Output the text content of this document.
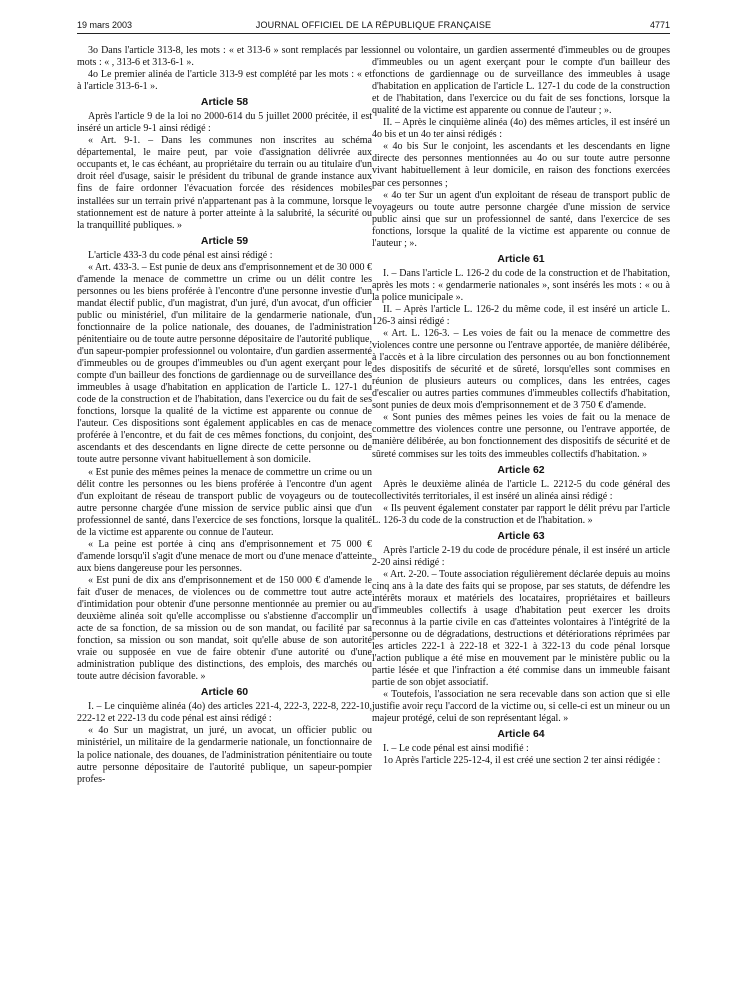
19 mars 2003	JOURNAL OFFICIEL DE LA RÉPUBLIQUE FRANÇAISE	4771

3o Dans l'article 313-8, les mots : « et 313-6 » sont remplacés par les mots : « , 313-6 et 313-6-1 ».

4o Le premier alinéa de l'article 313-9 est complété par les mots : « et à l'article 313-6-1 ».

Article 58

Après l'article 9 de la loi no 2000-614 du 5 juillet 2000 précitée, il est inséré un article 9-1 ainsi rédigé :

« Art. 9-1. – Dans les communes non inscrites au schéma départemental, le maire peut, par voie d'assignation délivrée aux occupants et, le cas échéant, au propriétaire du terrain ou au titulaire d'un droit réel d'usage, saisir le président du tribunal de grande instance aux fins de faire ordonner l'évacuation forcée des résidences mobiles installées sur un terrain privé n'appartenant pas à la commune, lorsque le stationnement est de nature à porter atteinte à la salubrité, la sécurité ou la tranquillité publiques. »

Article 59

L'article 433-3 du code pénal est ainsi rédigé :

« Art. 433-3. – Est punie de deux ans d'emprisonnement et de 30 000 € d'amende la menace de commettre un crime ou un délit contre les personnes ou les biens proférée à l'encontre d'une personne investie d'un mandat électif public, d'un magistrat, d'un juré, d'un avocat, d'un officier public ou ministériel, d'un militaire de la gendarmerie nationale, d'un fonctionnaire de la police nationale, des douanes, de l'administration pénitentiaire ou de toute autre personne dépositaire de l'autorité publique, d'un sapeur-pompier professionnel ou volontaire, d'un gardien assermenté d'immeubles ou de groupes d'immeubles ou d'un agent exerçant pour le compte d'un bailleur des fonctions de gardiennage ou de surveillance des immeubles à usage d'habitation en application de l'article L. 127-1 du code de la construction et de l'habitation, dans l'exercice ou du fait de ses fonctions, lorsque la qualité de la victime est apparente ou connue de l'auteur. Ces dispositions sont également applicables en cas de menace proférée à l'encontre, et du fait de ces mêmes fonctions, du conjoint, des ascendants et des descendants en ligne directe de cette personne ou de toute autre personne vivant habituellement à son domicile.

« Est punie des mêmes peines la menace de commettre un crime ou un délit contre les personnes ou les biens proférée à l'encontre d'un agent d'un exploitant de réseau de transport public de voyageurs ou de toute autre personne chargée d'une mission de service public ainsi que d'un professionnel de santé, dans l'exercice de ses fonctions, lorsque la qualité de la victime est apparente ou connue de l'auteur.

« La peine est portée à cinq ans d'emprisonnement et 75 000 € d'amende lorsqu'il s'agit d'une menace de mort ou d'une menace d'atteinte aux biens dangereuse pour les personnes.

« Est puni de dix ans d'emprisonnement et de 150 000 € d'amende le fait d'user de menaces, de violences ou de commettre tout autre acte d'intimidation pour obtenir d'une personne mentionnée au premier ou au deuxième alinéa soit qu'elle accomplisse ou s'abstienne d'accomplir un acte de sa fonction, de sa mission ou de son mandat, ou facilité par sa fonction, sa mission ou son mandat, soit qu'elle abuse de son autorité vraie ou supposée en vue de faire obtenir d'une autorité ou d'une administration publique des distinctions, des emplois, des marchés ou toute autre décision favorable. »

Article 60

I. – Le cinquième alinéa (4o) des articles 221-4, 222-3, 222-8, 222-10, 222-12 et 222-13 du code pénal est ainsi rédigé :

« 4o Sur un magistrat, un juré, un avocat, un officier public ou ministériel, un militaire de la gendarmerie nationale, un fonctionnaire de la police nationale, des douanes, de l'administration pénitentiaire ou toute autre personne dépositaire de l'autorité publique, un sapeur-pompier profes-

sionnel ou volontaire, un gardien assermenté d'immeubles ou de groupes d'immeubles ou un agent exerçant pour le compte d'un bailleur des fonctions de gardiennage ou de surveillance des immeubles à usage d'habitation en application de l'article L. 127-1 du code de la construction et de l'habitation, dans l'exercice ou du fait de ses fonctions, lorsque la qualité de la victime est apparente ou connue de l'auteur ; ».

II. – Après le cinquième alinéa (4o) des mêmes articles, il est inséré un 4o bis et un 4o ter ainsi rédigés :

« 4o bis Sur le conjoint, les ascendants et les descendants en ligne directe des personnes mentionnées au 4o ou sur toute autre personne vivant habituellement à leur domicile, en raison des fonctions exercées par ces personnes ;

« 4o ter Sur un agent d'un exploitant de réseau de transport public de voyageurs ou toute autre personne chargée d'une mission de service public ainsi que sur un professionnel de santé, dans l'exercice de ses fonctions, lorsque la qualité de la victime est apparente ou connue de l'auteur ; ».

Article 61

I. – Dans l'article L. 126-2 du code de la construction et de l'habitation, après les mots : « gendarmerie nationales », sont insérés les mots : « ou à la police municipale ».

II. – Après l'article L. 126-2 du même code, il est inséré un article L. 126-3 ainsi rédigé :

« Art. L. 126-3. – Les voies de fait ou la menace de commettre des violences contre une personne ou l'entrave apportée, de manière délibérée, à l'accès et à la libre circulation des personnes ou au bon fonctionnement des dispositifs de sécurité et de sûreté, lorsqu'elles sont commises en réunion de plusieurs auteurs ou complices, dans les entrées, cages d'escalier ou autres parties communes d'immeubles collectifs d'habitation, sont punies de deux mois d'emprisonnement et de 3 750 € d'amende.

« Sont punies des mêmes peines les voies de fait ou la menace de commettre des violences contre une personne, ou l'entrave apportée, de manière délibérée, au bon fonctionnement des dispositifs de sécurité et de sûreté commises sur les toits des immeubles collectifs d'habitation. »

Article 62

Après le deuxième alinéa de l'article L. 2212-5 du code général des collectivités territoriales, il est inséré un alinéa ainsi rédigé :

« Ils peuvent également constater par rapport le délit prévu par l'article L. 126-3 du code de la construction et de l'habitation. »

Article 63

Après l'article 2-19 du code de procédure pénale, il est inséré un article 2-20 ainsi rédigé :

« Art. 2-20. – Toute association régulièrement déclarée depuis au moins cinq ans à la date des faits qui se propose, par ses statuts, de défendre les intérêts moraux et matériels des locataires, propriétaires et bailleurs d'immeubles collectifs à usage d'habitation peut exercer les droits reconnus à la partie civile en cas d'atteintes volontaires à l'intégrité de la personne ou de dégradations, destructions et détériorations réprimées par les articles 222-1 à 222-18 et 322-1 à 322-13 du code pénal lorsque l'action publique a été mise en mouvement par le ministère public ou la partie lésée et que l'infraction a été commise dans un immeuble faisant partie de son objet associatif.

« Toutefois, l'association ne sera recevable dans son action que si elle justifie avoir reçu l'accord de la victime ou, si celle-ci est un mineur ou un majeur protégé, celui de son représentant légal. »

Article 64

I. – Le code pénal est ainsi modifié :

1o Après l'article 225-12-4, il est créé une section 2 ter ainsi rédigée :
